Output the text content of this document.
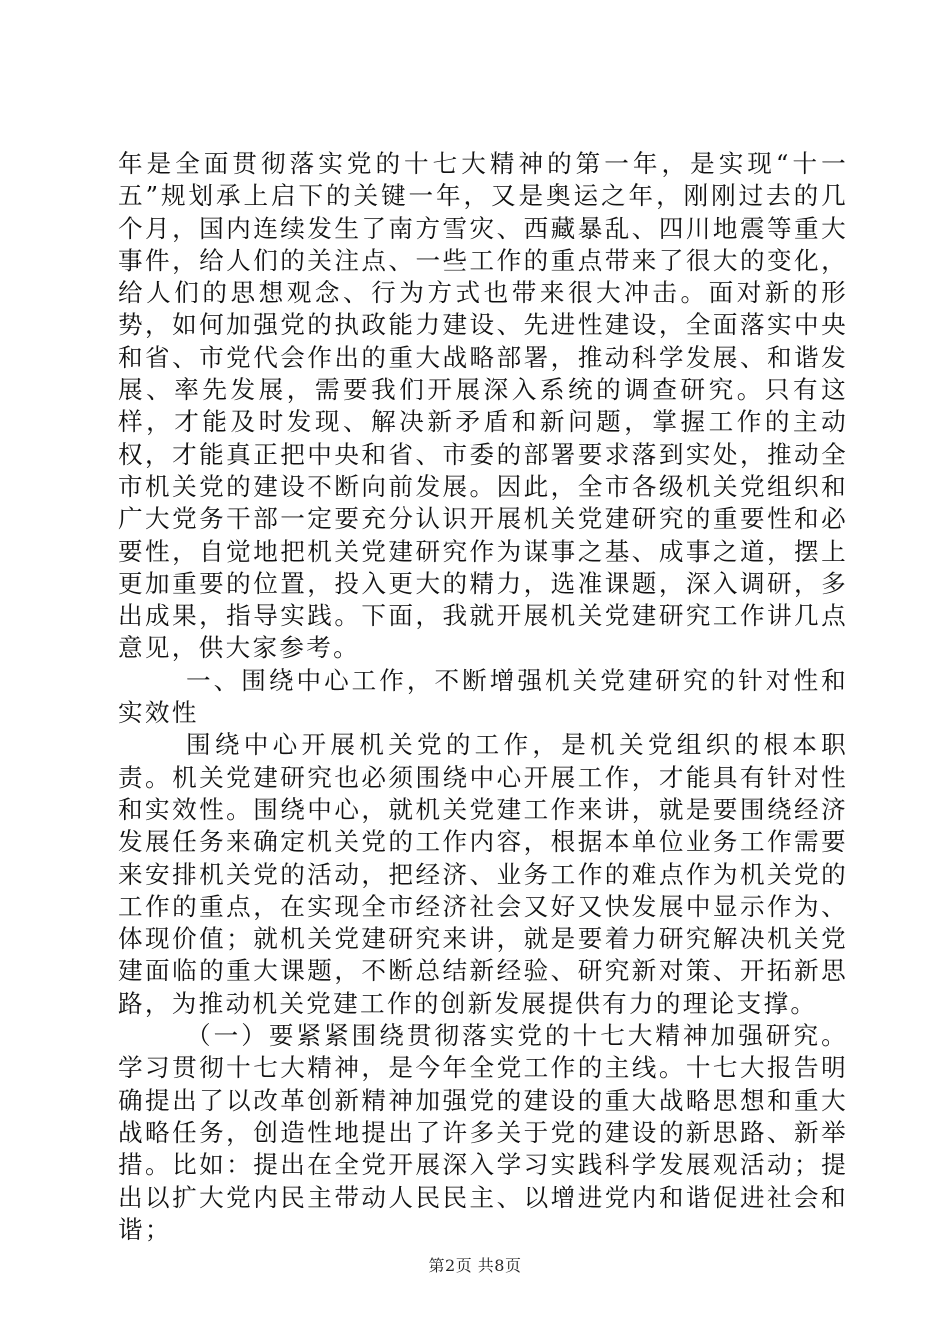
年是全面贯彻落实党的十七大精神的第一年，是实现“十一五”规划承上启下的关键一年，又是奥运之年，刚刚过去的几个月，国内连续发生了南方雪灾、西藏暴乱、四川地震等重大事件，给人们的关注点、一些工作的重点带来了很大的变化，给人们的思想观念、行为方式也带来很大冲击。面对新的形势，如何加强党的执政能力建设、先进性建设，全面落实中央和省、市党代会作出的重大战略部署，推动科学发展、和谐发展、率先发展，需要我们开展深入系统的调查研究。只有这样，才能及时发现、解决新矛盾和新问题，掌握工作的主动权，才能真正把中央和省、市委的部署要求落到实处，推动全市机关党的建设不断向前发展。因此，全市各级机关党组织和广大党务干部一定要充分认识开展机关党建研究的重要性和必要性，自觉地把机关党建研究作为谋事之基、成事之道，摆上更加重要的位置，投入更大的精力，选准课题，深入调研，多出成果，指导实践。下面，我就开展机关党建研究工作讲几点意见，供大家参考。

一、围绕中心工作，不断增强机关党建研究的针对性和实效性

围绕中心开展机关党的工作，是机关党组织的根本职责。机关党建研究也必须围绕中心开展工作，才能具有针对性和实效性。围绕中心，就机关党建工作来讲，就是要围绕经济发展任务来确定机关党的工作内容，根据本单位业务工作需要来安排机关党的活动，把经济、业务工作的难点作为机关党的工作的重点，在实现全市经济社会又好又快发展中显示作为、体现价值；就机关党建研究来讲，就是要着力研究解决机关党建面临的重大课题，不断总结新经验、研究新对策、开拓新思路，为推动机关党建工作的创新发展提供有力的理论支撑。

（一）要紧紧围绕贯彻落实党的十七大精神加强研究。学习贯彻十七大精神，是今年全党工作的主线。十七大报告明确提出了以改革创新精神加强党的建设的重大战略思想和重大战略任务，创造性地提出了许多关于党的建设的新思路、新举措。比如：提出在全党开展深入学习实践科学发展观活动；提出以扩大党内民主带动人民民主、以增进党内和谐促进社会和谐；

第2页 共8页
